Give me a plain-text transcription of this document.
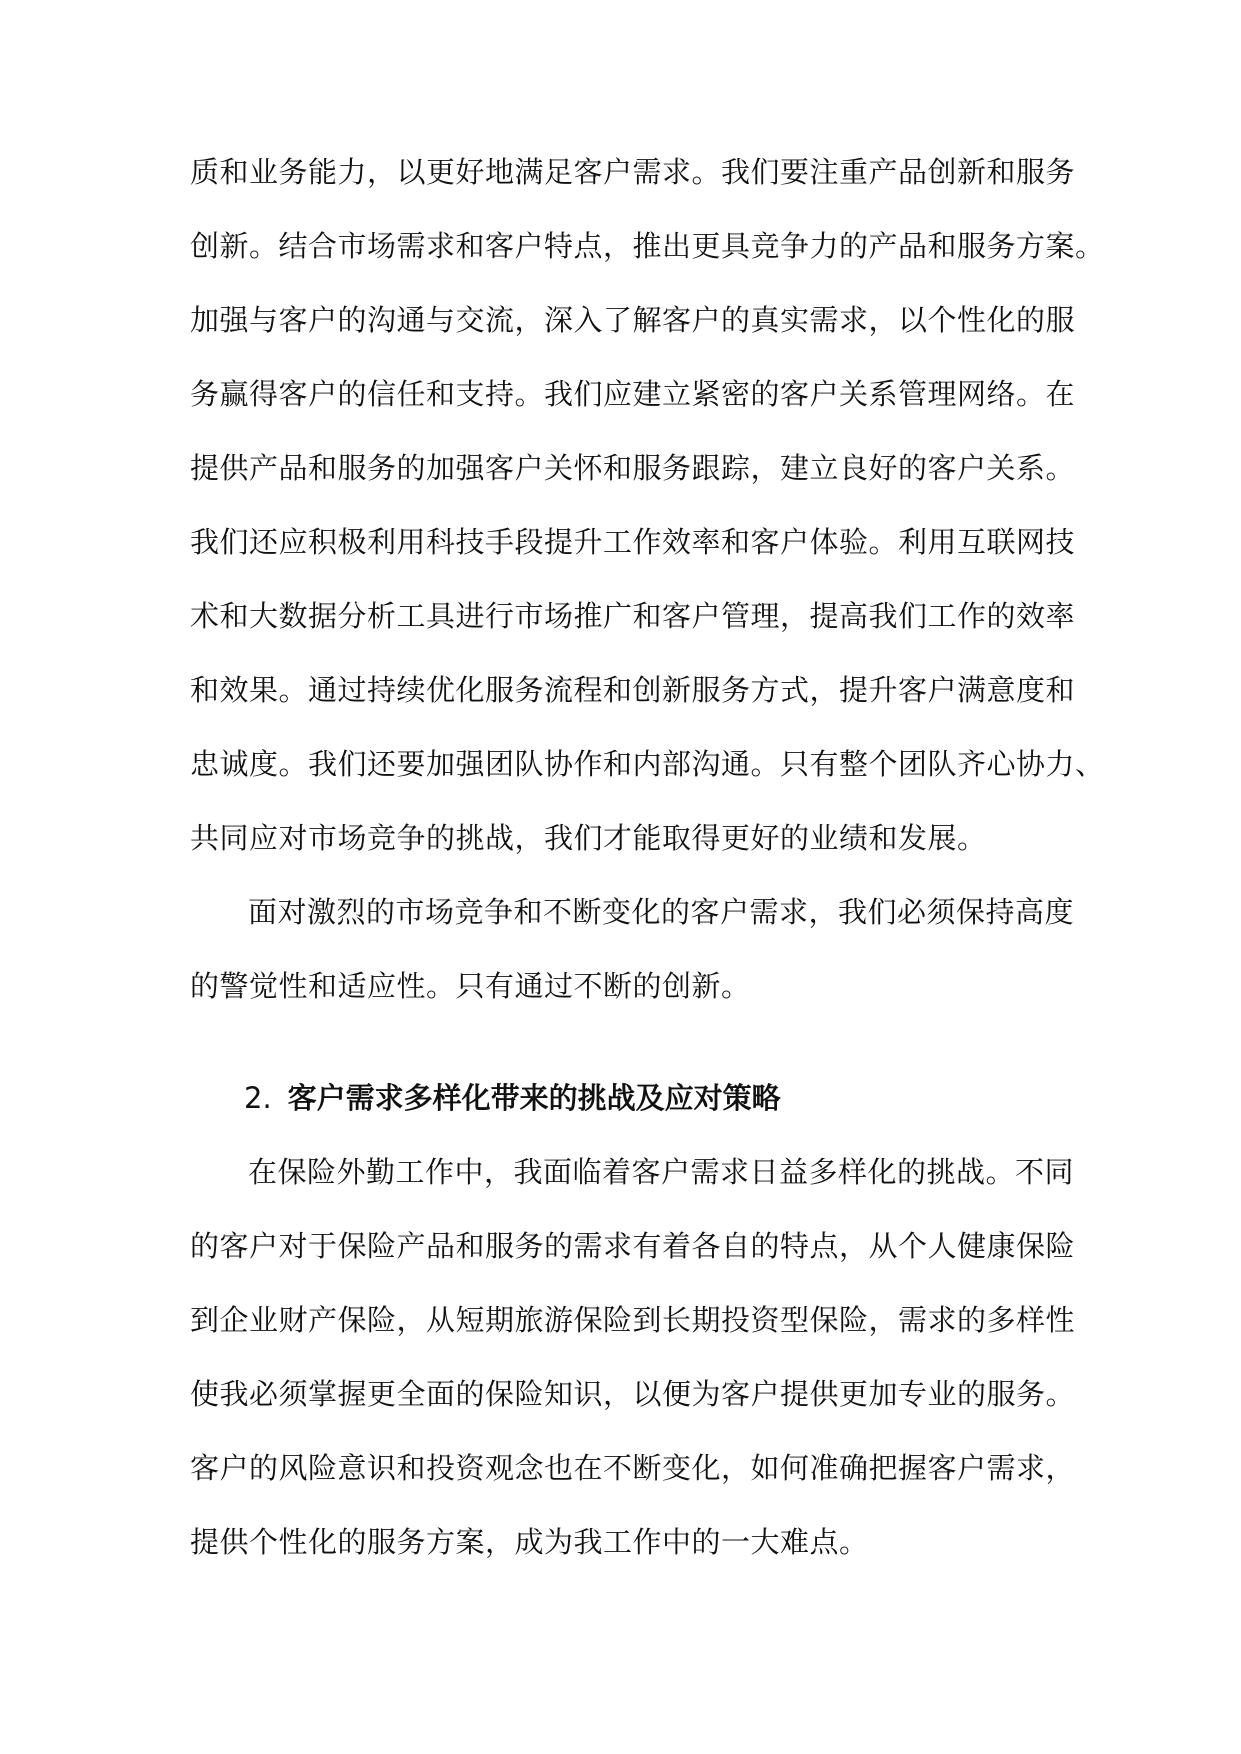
质和业务能力，以更好地满足客户需求。我们要注重产品创新和服务
创新。结合市场需求和客户特点，推出更具竞争力的产品和服务方案。
加强与客户的沟通与交流，深入了解客户的真实需求，以个性化的服
务赢得客户的信任和支持。我们应建立紧密的客户关系管理网络。在
提供产品和服务的加强客户关怀和服务跟踪，建立良好的客户关系。
我们还应积极利用科技手段提升工作效率和客户体验。利用互联网技
术和大数据分析工具进行市场推广和客户管理，提高我们工作的效率
和效果。通过持续优化服务流程和创新服务方式，提升客户满意度和
忠诚度。我们还要加强团队协作和内部沟通。只有整个团队齐心协力、
共同应对市场竞争的挑战，我们才能取得更好的业绩和发展。
面对激烈的市场竞争和不断变化的客户需求，我们必须保持高度
的警觉性和适应性。只有通过不断的创新。
2. 客户需求多样化带来的挑战及应对策略
在保险外勤工作中，我面临着客户需求日益多样化的挑战。不同
的客户对于保险产品和服务的需求有着各自的特点，从个人健康保险
到企业财产保险，从短期旅游保险到长期投资型保险，需求的多样性
使我必须掌握更全面的保险知识，以便为客户提供更加专业的服务。
客户的风险意识和投资观念也在不断变化，如何准确把握客户需求，
提供个性化的服务方案，成为我工作中的一大难点。
